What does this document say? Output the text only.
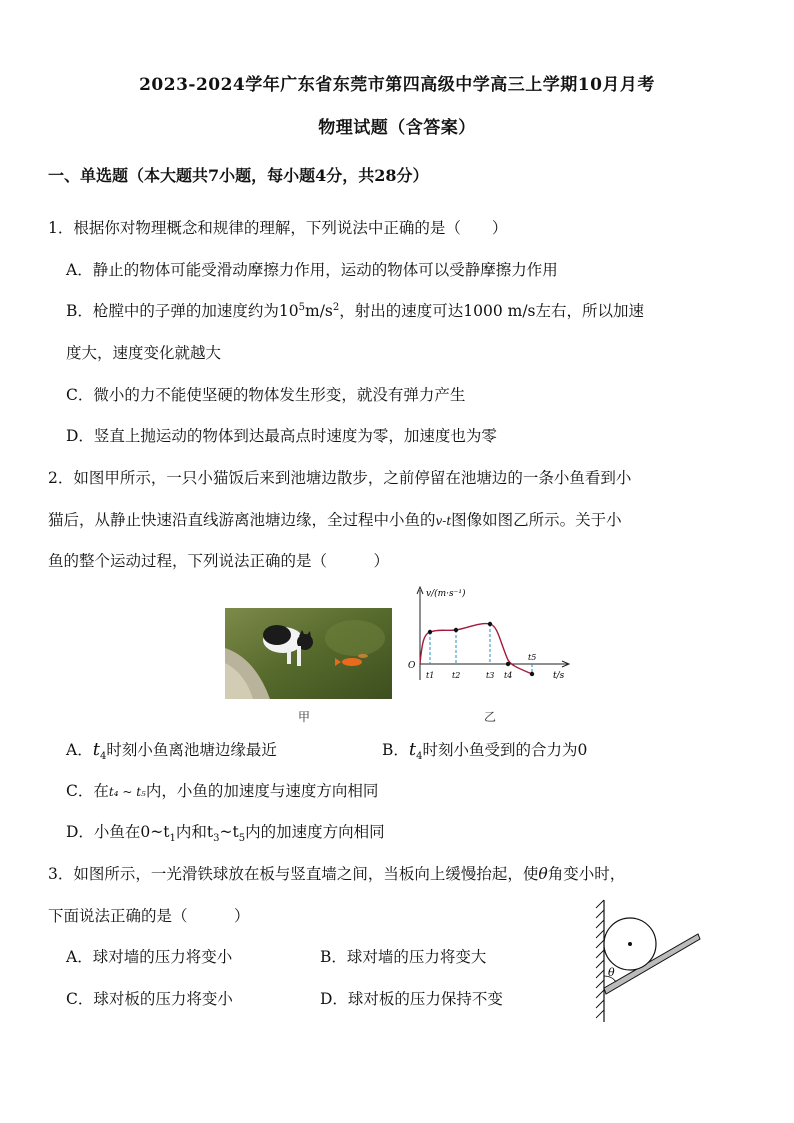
2023-2024学年广东省东莞市第四高级中学高三上学期10月月考
物理试题（含答案）
一、单选题（本大题共7小题，每小题4分，共28分）
1．根据你对物理概念和规律的理解，下列说法中正确的是（　　）
A．静止的物体可能受滑动摩擦力作用，运动的物体可以受静摩擦力作用
B．枪膛中的子弹的加速度约为$10^5m/s^2$，射出的速度可达1000 m/s左右，所以加速
度大，速度变化就越大
C．微小的力不能使坚硬的物体发生形变，就没有弹力产生
D．竖直上抛运动的物体到达最高点时速度为零，加速度也为零
2．如图甲所示，一只小猫饭后来到池塘边散步，之前停留在池塘边的一条小鱼看到小
猫后，从静止快速沿直线游离池塘边缘，全过程中小鱼的v-t图像如图乙所示。关于小
鱼的整个运动过程，下列说法正确的是（　　　）
甲
v/(m·s⁻¹)
t/s
O
t1 t2	t3 t4
t5
乙
A．$t_4$时刻小鱼离池塘边缘最近	B．$t_4$时刻小鱼受到的合力为0
C．在t₄ ~ t₅内，小鱼的加速度与速度方向相同
D．小鱼在$0\sim t_1$内和$t_3\sim t_5$内的加速度方向相同
3．如图所示，一光滑铁球放在板与竖直墙之间，当板向上缓慢抬起，使θ角变小时，
下面说法正确的是（　　　）
A．球对墙的压力将变小	B．球对墙的压力将变大
C．球对板的压力将变小	D．球对板的压力保持不变
θ
